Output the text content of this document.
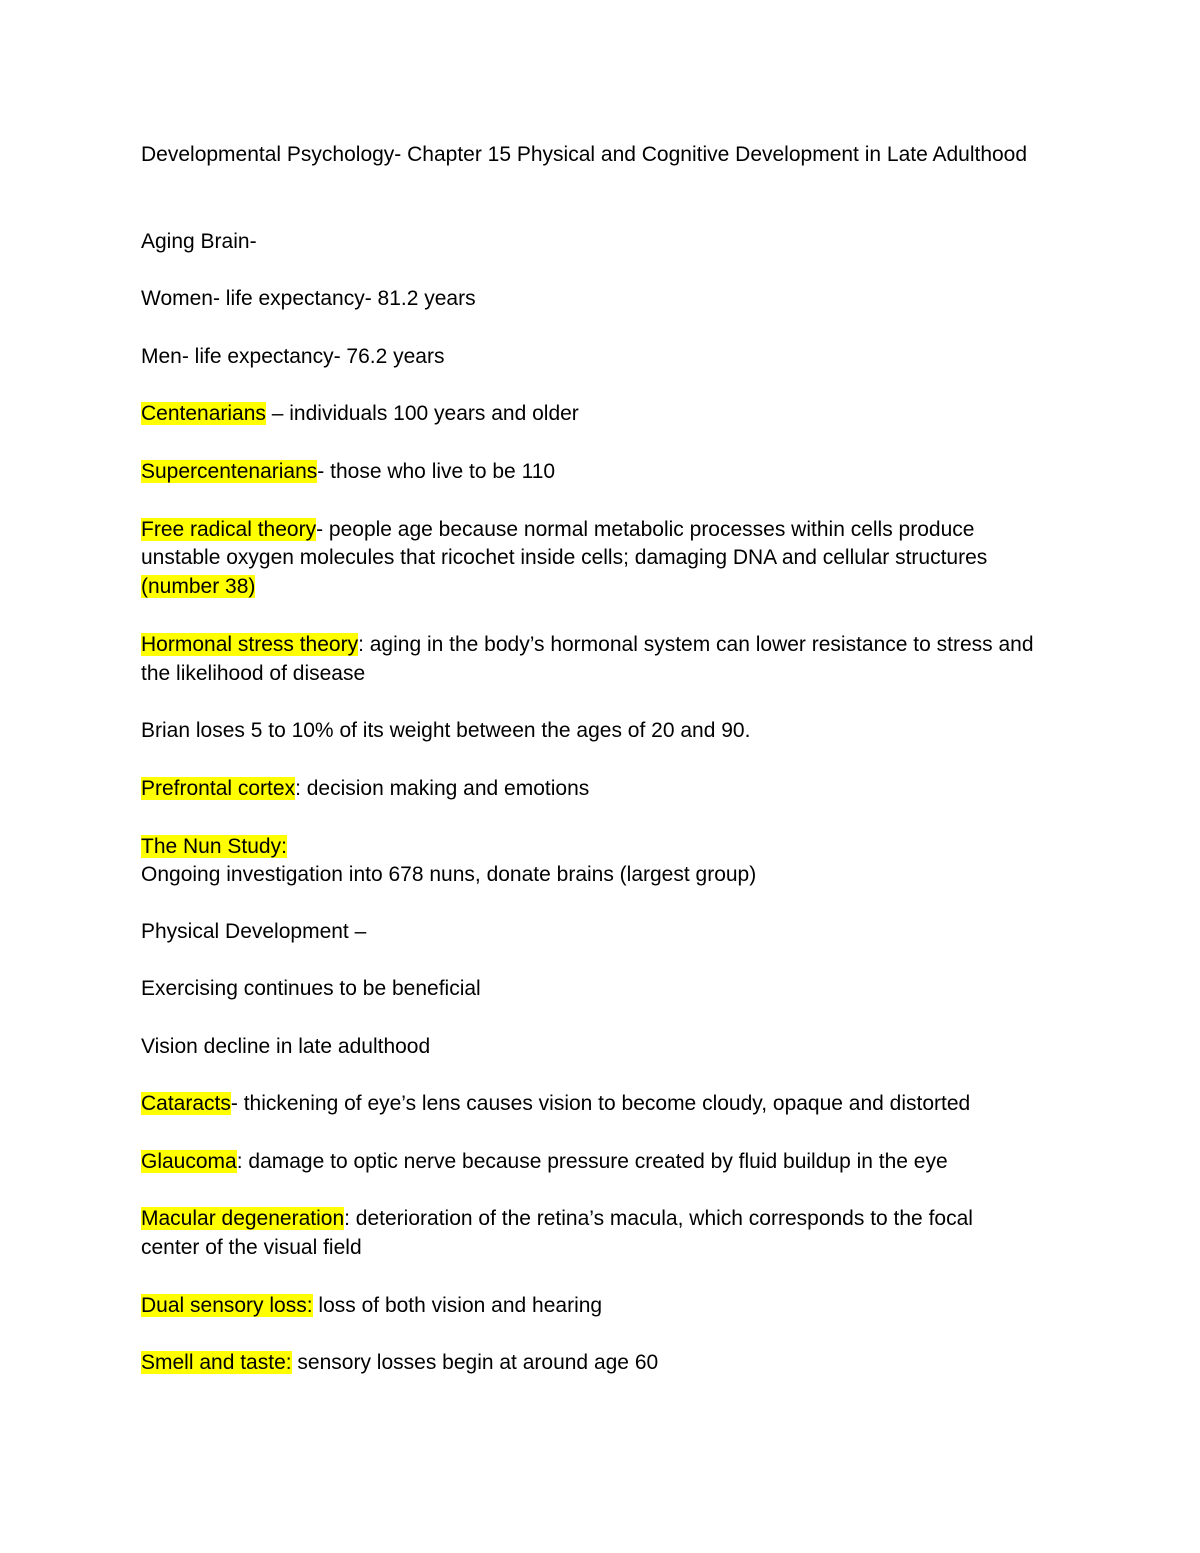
Developmental Psychology- Chapter 15 Physical and Cognitive Development in Late Adulthood
Aging Brain-
Women- life expectancy- 81.2 years
Men- life expectancy- 76.2 years
Centenarians – individuals 100 years and older
Supercentenarians- those who live to be 110
Free radical theory- people age because normal metabolic processes within cells produce
unstable oxygen molecules that ricochet inside cells; damaging DNA and cellular structures
(number 38)
Hormonal stress theory: aging in the body’s hormonal system can lower resistance to stress and
the likelihood of disease
Brian loses 5 to 10% of its weight between the ages of 20 and 90.
Prefrontal cortex: decision making and emotions
The Nun Study:
Ongoing investigation into 678 nuns, donate brains (largest group)
Physical Development –
Exercising continues to be beneficial
Vision decline in late adulthood
Cataracts- thickening of eye’s lens causes vision to become cloudy, opaque and distorted
Glaucoma: damage to optic nerve because pressure created by fluid buildup in the eye
Macular degeneration: deterioration of the retina’s macula, which corresponds to the focal
center of the visual field
Dual sensory loss: loss of both vision and hearing
Smell and taste: sensory losses begin at around age 60
